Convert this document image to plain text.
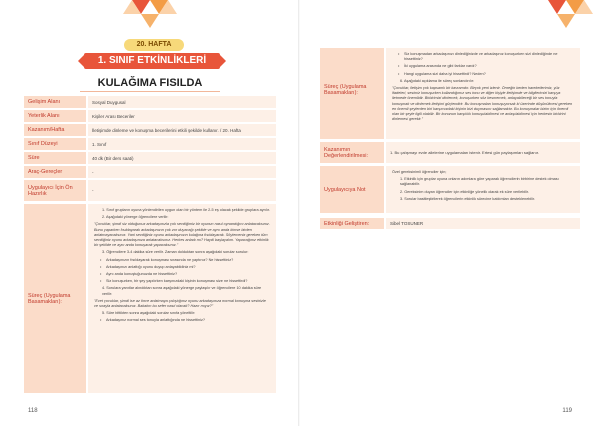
20. HAFTA
1. SINIF ETKİNLİKLERİ
KULAĞIMA FISILDA
Gelişim Alanı	Sosyal Duygusal
Yeterlik Alanı	Kişiler Arası Beceriler
Kazanım/Hafta	İletişimde dinleme ve konuşma becerilerini etkili şekilde kullanır. / 20. Hafta
Sınıf Düzeyi	1. Sınıf
Süre	40 dk (Bir ders saati)
Araç-Gereçler	-
Uygulayıcı İçin Ön Hazırlık	-
Süreç (Uygulama Basamakları):

1. Sınıf grupların oyuna yönlendirilen uygun olan bir yöntem ile 2-5 eş olacak şekilde gruplara ayrılır.

2. Aşağıdaki yönerge öğrencilere verilir:

"Çocuklar, şimdi siz olduğunuz arkadaşınızla çok sevdiğimiz bir oyunun nasıl oynandığını anlatacaksınız. Bunu yaparken fısıldayarak arkadaşınızın çok zor duyacağı şekilde ve aynı anda kimse birden anlatmayacaksınız. Yani sevdiğiniz oyunu arkadaşınızın kulağına fısıldayarak. Söylemeniz gereken tüm sevdiğiniz oyunu arkadaşınıza anlatacaksınız. Herkes anladı mı? Haydi başlayalım. Yapacağınız etkinlik bir şekilde ve aynı anda konuşarak yapacaksınız."

3. Öğrencilere 3-4 dakika süre verilir. Zaman dolduktan sonra aşağıdaki sorular sorulur:

• Arkadaşınızın fısıldayarak konuşması sırasında ne yaptınız? Ne hissettiniz?

• Arkadaşınızı anlattığı oyunu duyup anlayabildiniz mi?

• Aynı anda konuştuğunuzda ne hissettiniz?

• Siz konuşurken, bir şey yapılırken karşınızdaki kişinin konuşması size ne hissettirdi?

4. Sorulara yanıtlar alındıktan sonra aşağıdaki yönerge paylaşılır ve öğrencilere 10 dakika süre verilir:

"Evet çocuklar, şimdi ise az önce anlatmaya çalıştığınız oyunu arkadaşınıza normal konuşma sesinizle ve sırayla anlatacaksınız. Bakalım bu sefer nasıl olacak? Hazır mıyız?"

5. Süre bittikten sonra aşağıdaki sorular sınıfa yöneltilir:

• Arkadaşınız normal ses tonuyla anlattığında ne hissettiniz?

118
Süreç (Uygulama Basamakları):

• Siz konuşmadan arkadaşınızı dinlediğinizde ve arkadaşınız konuşurken sizi dinlediğinde ne hissettiniz?

• İki uygulama arasında ne gibi farklar vardı?

• Hangi uygulama sizi daha iyi hissettirdi? Neden?

6. Aşağıdaki açıklama ile süreç sonlandırılır:

"Çocuklar, iletişim çok kapsamlı bir kavramdır. Birçok yeni izlenir. Örneğin beden hareketlerimiz, yüz ifadeleri, sesimiz konuşurken kullandığımız ses tonu ve diğer kişiyle iletişimde ve bilgilerimizi karşıya iletmede önemlidir. Birbirimizi dinlemek, konuşurken söz kesmemek, anlayabileceği bir ses tonuyla konuşmak ve dinlemek iletişimi güçlendirir. Bu konuşmaları konuşuyorsak ki üzerinde düşünülmesi gereken en önemli şeylerden biri karşımızdaki kişinin bizi duymasını sağlamaktır. Bu konuşmalar bizim için önemli olan bir şeyle ilgili olabilir. Bir konunun karşılıklı konuşulabilmesi ve anlaşılabilmesi için herkesin birbirini dinlemesi gerekir."

Kazanımın Değerlendirilmesi:	1. Bu çalışmayı evde ailelerine uygulamaları istenir. Ertesi gün paylaşımları sağlanır.
Uygulayıcıya Not

Özel gereksinimli öğrenciler için;

1. Etkinlik için gruplar oyuna onların adımlara göre yaparak öğrencilerin birbirine destek olması sağlanabilir.

2. Gereksinim duyan öğrenciler için etkinliğe yönelik olarak ek süre verilebilir.

3. Sorular basitleştirilerek öğrencilerin etkinlik sürecine katılımları desteklenebilir.

Etkinliği Geliştiren:	Sibel TOSUNER
119
